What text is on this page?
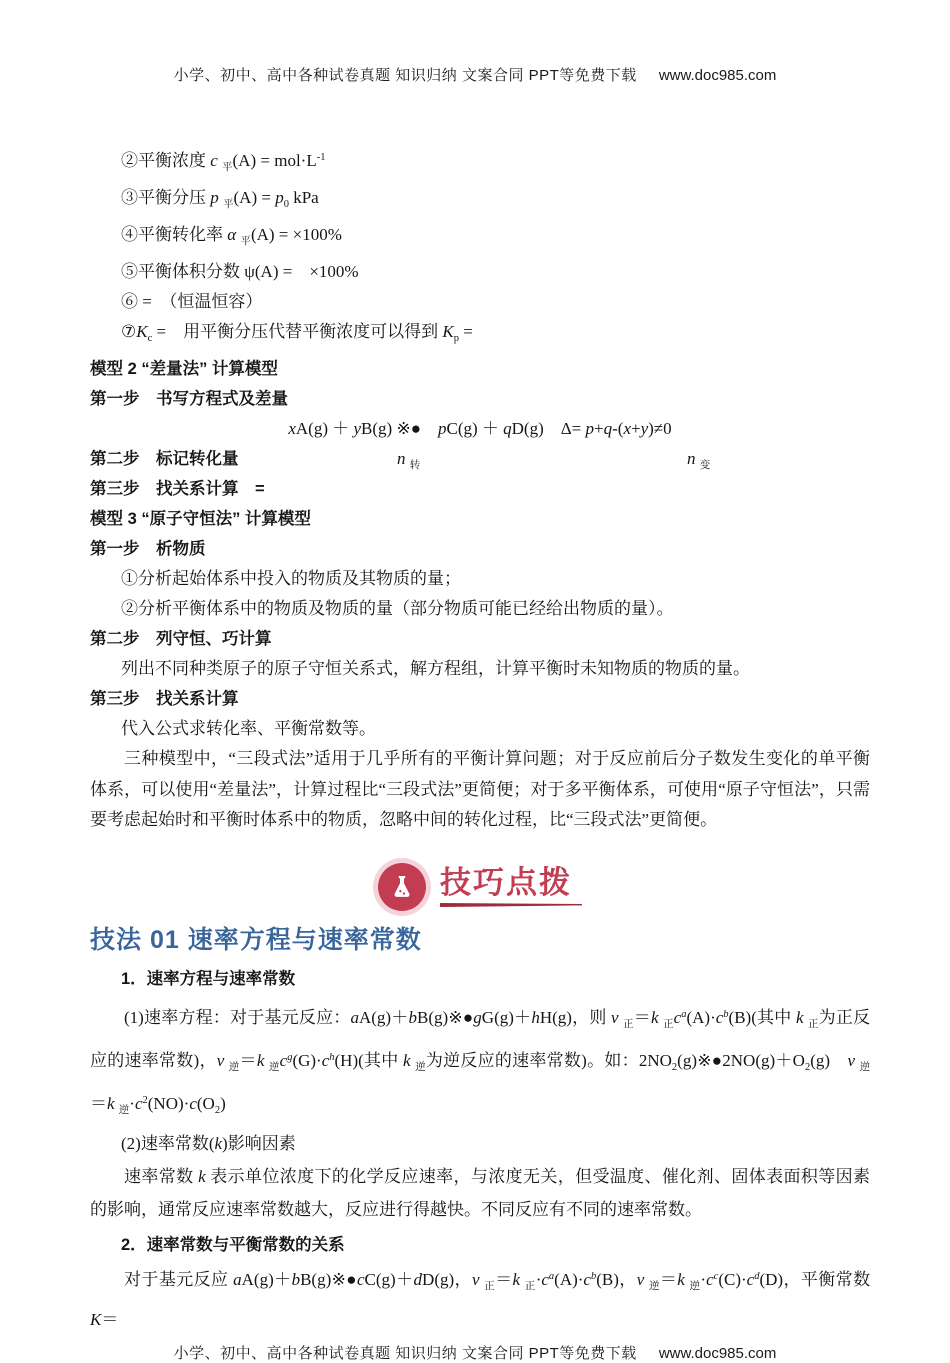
小学、初中、高中各种试卷真题 知识归纳 文案合同 PPT等免费下载 www.doc985.com
②平衡浓度 c $_平(A) = mol\cdot L^{-1}$
③平衡分压 p $_平(A) = p_0$ kPa
④平衡转化率 α $_平$(A) = ×100%
⑤平衡体积分数 ψ(A) =　×100%
⑥ =　（恒温恒容）
$⑦K_c$ =　用平衡分压代替平衡浓度可以得到 $K_p$ =
模型 2 “差量法” 计算模型
第一步　书写方程式及差量
xA(g) ＋ yB(g) ※●　pC(g) ＋ qD(g)　Δ= p+q-(x+y)≠0
第二步　标记转化量	n $_转$	n $_变$
第三步　找关系计算　=
模型 3 “原子守恒法” 计算模型
第一步　析物质
①分析起始体系中投入的物质及其物质的量；
②分析平衡体系中的物质及物质的量（部分物质可能已经给出物质的量）。
第二步　列守恒、巧计算
列出不同种类原子的原子守恒关系式，解方程组，计算平衡时未知物质的物质的量。
第三步　找关系计算
代入公式求转化率、平衡常数等。
三种模型中，“三段式法”适用于几乎所有的平衡计算问题；对于反应前后分子数发生变化的单平衡体系，可以使用“差量法”，计算过程比“三段式法”更简便；对于多平衡体系，可使用“原子守恒法”，只需要考虑起始时和平衡时体系中的物质，忽略中间的转化过程，比“三段式法”更简便。
技巧点拨
技法 01 速率方程与速率常数
1．速率方程与速率常数
(1)速率方程：对于基元反应：aA(g)＋bB(g)※●gG(g)＋hH(g)，则 v $_正$＝k $_正c^a(A)\cdot c^b(B)$(其中 k $_正$为正反应的速率常数)，v $_逆$＝k $_逆c^g(G)\cdot c^h(H)$(其中 k $_逆$为逆反应的速率常数)。如：$2NO_2(g)※●2NO(g)+O_2(g)$　v $_逆$＝k $_逆\cdot c^2(NO)\cdot c(O_2)$
(2)速率常数(k)影响因素
速率常数 k 表示单位浓度下的化学反应速率，与浓度无关，但受温度、催化剂、固体表面积等因素的影响，通常反应速率常数越大，反应进行得越快。不同反应有不同的速率常数。
2．速率常数与平衡常数的关系
对于基元反应 aA(g)＋bB(g)※●cC(g)＋dD(g)，v $_正$＝k $_正\cdot c^a(A)\cdot c^b(B)$，v $_逆$＝k $_逆\cdot c^c(C)\cdot c^d(D)$，平衡常数 K＝
小学、初中、高中各种试卷真题 知识归纳 文案合同 PPT等免费下载 www.doc985.com
